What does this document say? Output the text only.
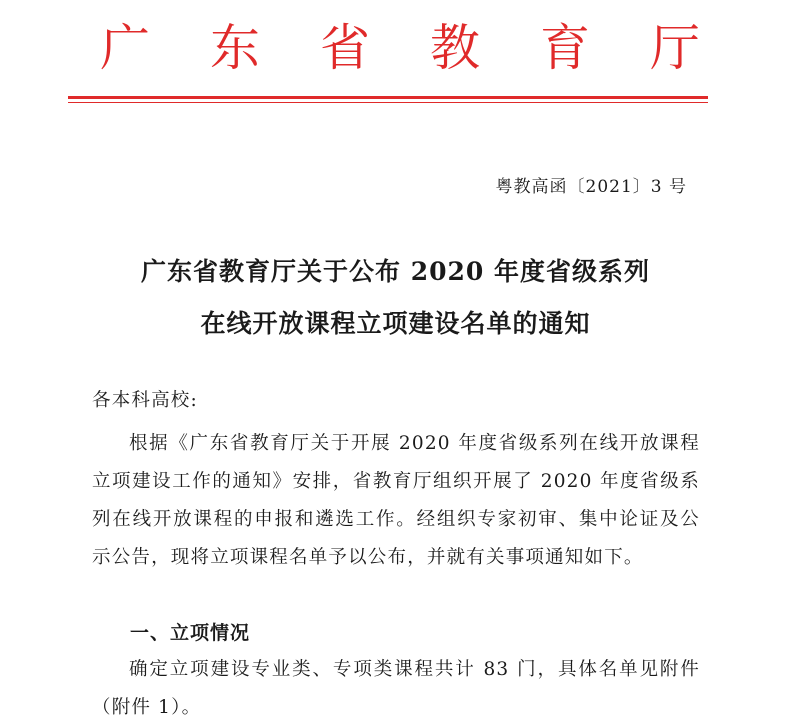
广 东 省 教 育 厅
粤教高函〔2021〕3 号
广东省教育厅关于公布 2020 年度省级系列
在线开放课程立项建设名单的通知
各本科高校:
根据《广东省教育厅关于开展 2020 年度省级系列在线开放课程立项建设工作的通知》安排，省教育厅组织开展了 2020 年度省级系列在线开放课程的申报和遴选工作。经组织专家初审、集中论证及公示公告，现将立项课程名单予以公布，并就有关事项通知如下。
一、立项情况
确定立项建设专业类、专项类课程共计 83 门，具体名单见附件（附件 1）。
